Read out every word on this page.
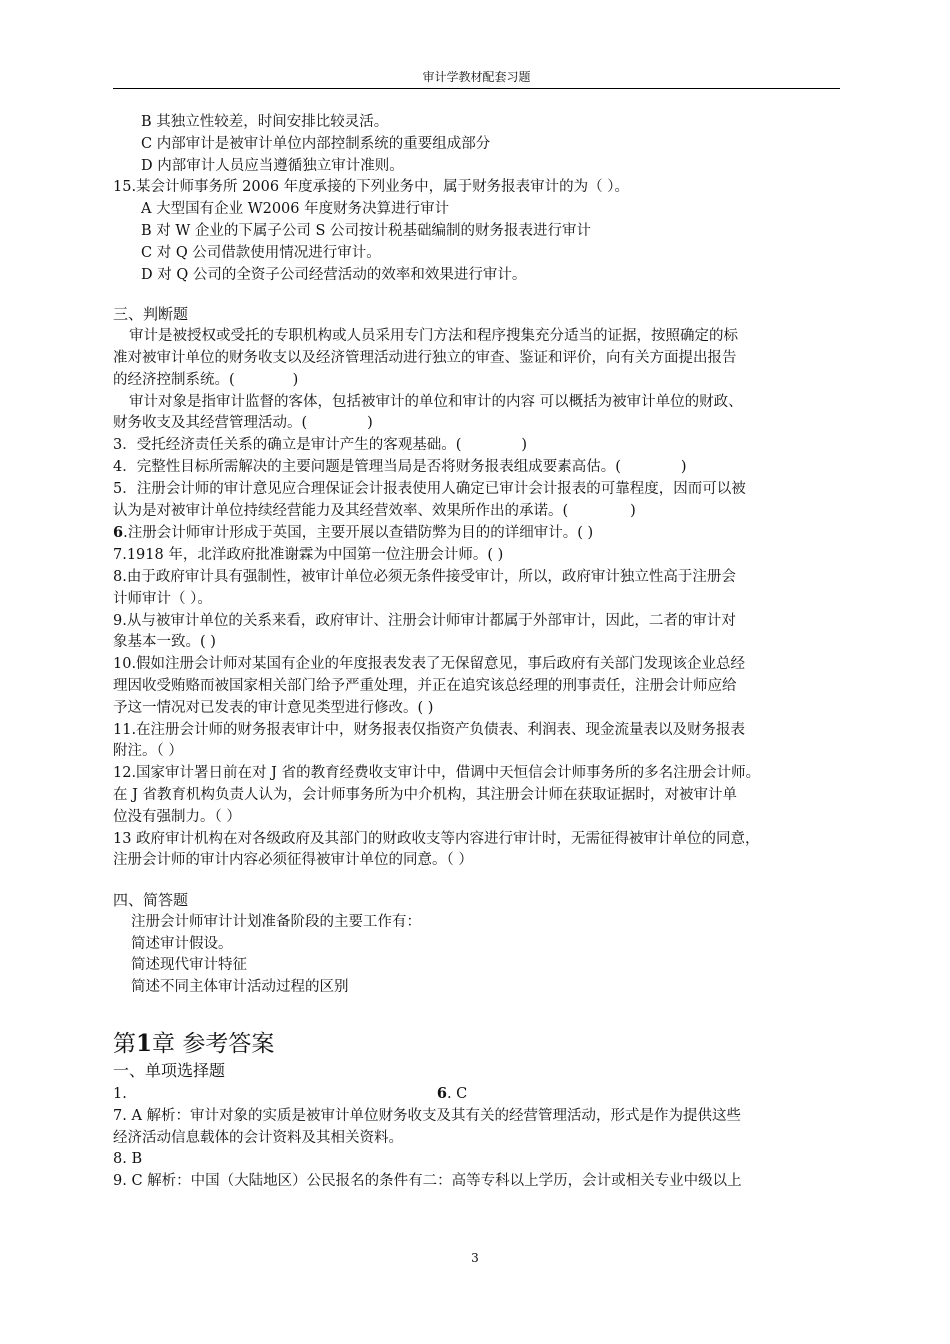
审计学教材配套习题
B 其独立性较差，时间安排比较灵活。
C 内部审计是被审计单位内部控制系统的重要组成部分
D 内部审计人员应当遵循独立审计准则。
15.某会计师事务所 2006 年度承接的下列业务中，属于财务报表审计的为（ ）。
A 大型国有企业 W2006 年度财务决算进行审计
B 对 W 企业的下属子公司 S 公司按计税基础编制的财务报表进行审计
C 对 Q 公司借款使用情况进行审计。
D 对 Q 公司的全资子公司经营活动的效率和效果进行审计。
三、判断题
审计是被授权或受托的专职机构或人员采用专门方法和程序搜集充分适当的证据，按照确定的标
准对被审计单位的财务收支以及经济管理活动进行独立的审查、鉴证和评价，向有关方面提出报告
的经济控制系统。(	)
审计对象是指审计监督的客体，包括被审计的单位和审计的内容 可以概括为被审计单位的财政、
财务收支及其经营管理活动。(	)
3．受托经济责任关系的确立是审计产生的客观基础。(	)
4．完整性目标所需解决的主要问题是管理当局是否将财务报表组成要素高估。(	)
5．注册会计师的审计意见应合理保证会计报表使用人确定已审计会计报表的可靠程度，因而可以被
认为是对被审计单位持续经营能力及其经营效率、效果所作出的承诺。(	)
6.注册会计师审计形成于英国，主要开展以查错防弊为目的的详细审计。( )
7.1918 年，北洋政府批准谢霖为中国第一位注册会计师。( )
8.由于政府审计具有强制性，被审计单位必须无条件接受审计，所以，政府审计独立性高于注册会
计师审计（ ）。
9.从与被审计单位的关系来看，政府审计、注册会计师审计都属于外部审计，因此，二者的审计对
象基本一致。( )
10.假如注册会计师对某国有企业的年度报表发表了无保留意见，事后政府有关部门发现该企业总经
理因收受贿赂而被国家相关部门给予严重处理，并正在追究该总经理的刑事责任，注册会计师应给
予这一情况对已发表的审计意见类型进行修改。( )
11.在注册会计师的财务报表审计中，财务报表仅指资产负债表、利润表、现金流量表以及财务报表
附注。（ ）
12.国家审计署日前在对 J 省的教育经费收支审计中，借调中天恒信会计师事务所的多名注册会计师。
在 J 省教育机构负责人认为，会计师事务所为中介机构，其注册会计师在获取证据时，对被审计单
位没有强制力。（ ）
13 政府审计机构在对各级政府及其部门的财政收支等内容进行审计时，无需征得被审计单位的同意，
注册会计师的审计内容必须征得被审计单位的同意。（ ）
四、简答题
注册会计师审计计划准备阶段的主要工作有：
简述审计假设。
简述现代审计特征
简述不同主体审计活动过程的区别
第1章 参考答案
一、单项选择题
1.	6. C
7. A 解析：审计对象的实质是被审计单位财务收支及其有关的经营管理活动，形式是作为提供这些
经济活动信息载体的会计资料及其相关资料。
8. B
9. C 解析：中国（大陆地区）公民报名的条件有二：高等专科以上学历，会计或相关专业中级以上
3
